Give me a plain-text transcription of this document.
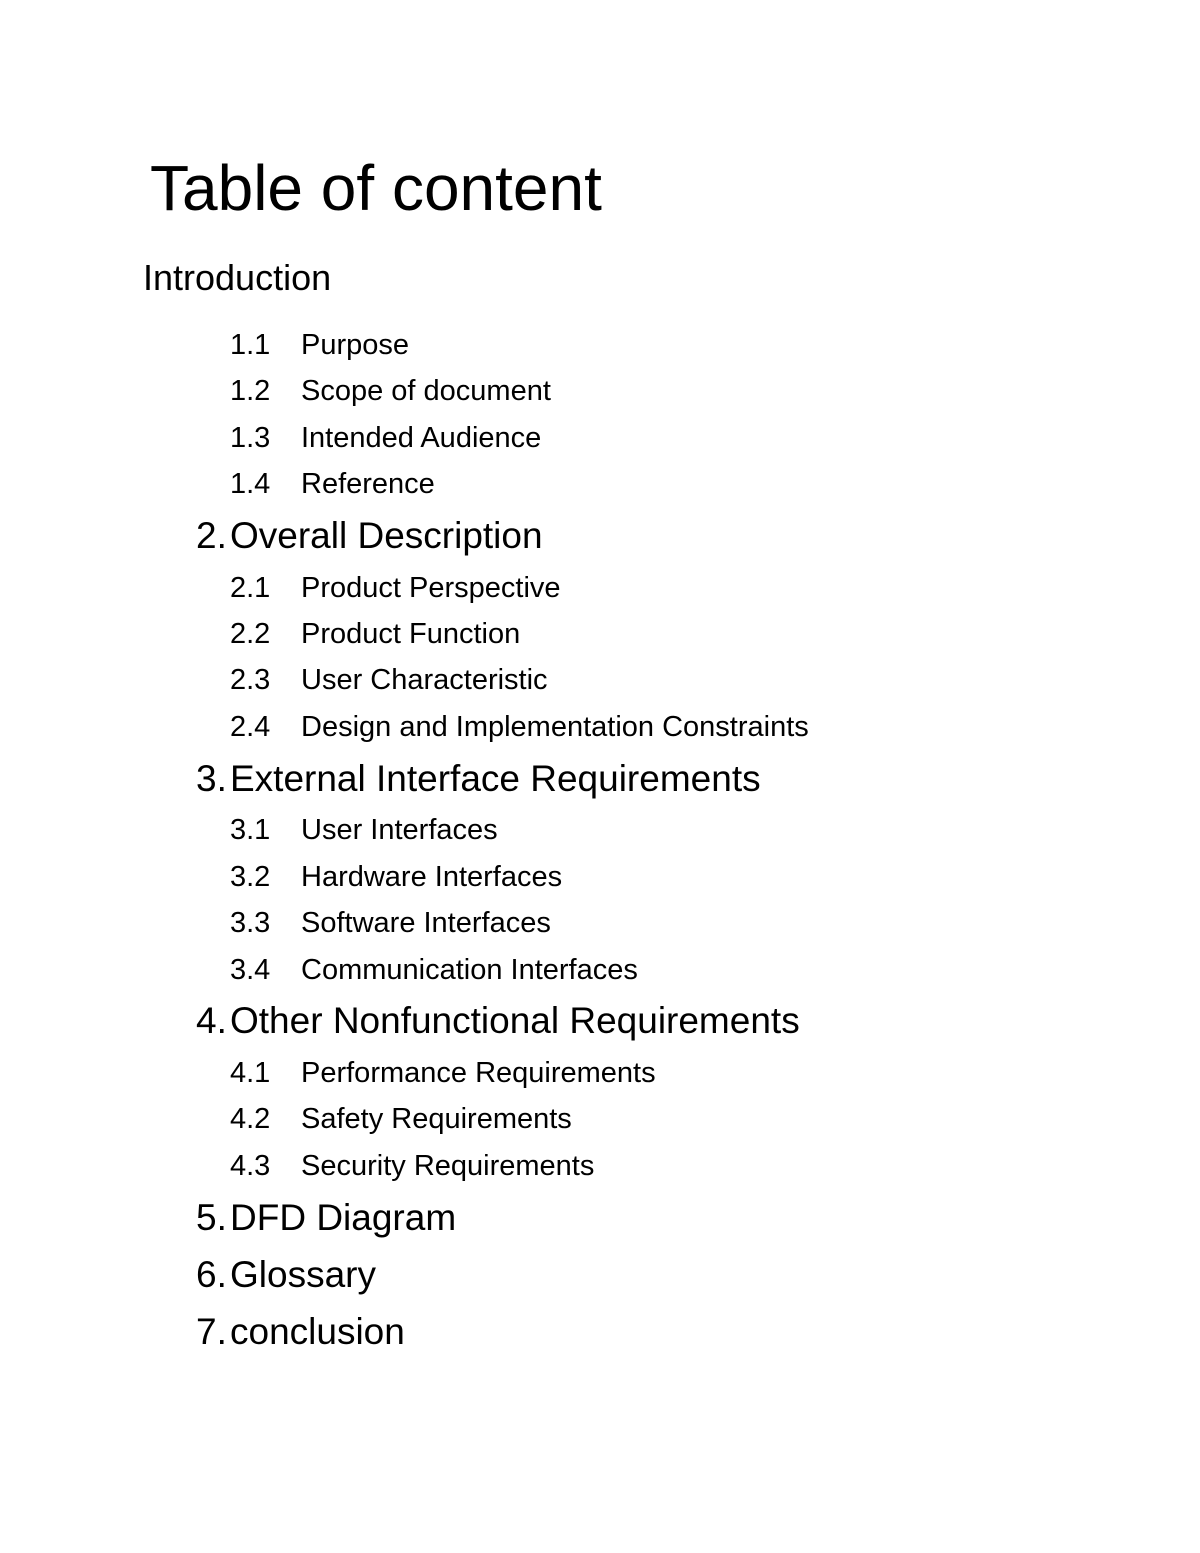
Table of content
Introduction
1.1 Purpose
1.2 Scope of document
1.3 Intended Audience
1.4 Reference
2. Overall Description
2.1 Product Perspective
2.2 Product Function
2.3 User Characteristic
2.4 Design and Implementation Constraints
3. External Interface Requirements
3.1 User Interfaces
3.2 Hardware Interfaces
3.3 Software Interfaces
3.4 Communication Interfaces
4. Other Nonfunctional Requirements
4.1 Performance Requirements
4.2 Safety Requirements
4.3 Security Requirements
5. DFD Diagram
6. Glossary
7. conclusion
